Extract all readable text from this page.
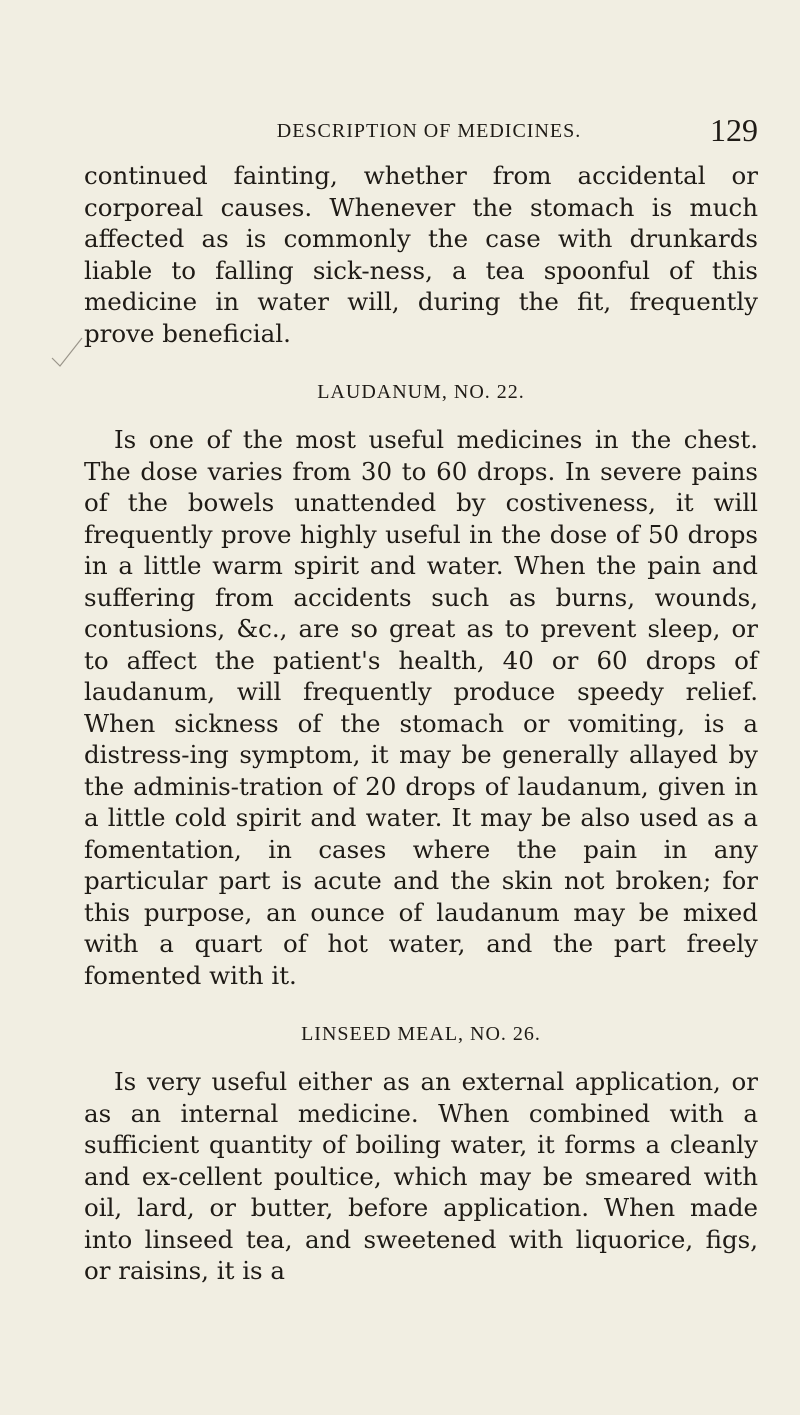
DESCRIPTION OF MEDICINES.	129

continued fainting, whether from accidental or corporeal causes. Whenever the stomach is much affected as is commonly the case with drunkards liable to falling sick-ness, a tea spoonful of this medicine in water will, during the fit, frequently prove beneficial.

LAUDANUM, NO. 22.

Is one of the most useful medicines in the chest. The dose varies from 30 to 60 drops. In severe pains of the bowels unattended by costiveness, it will frequently prove highly useful in the dose of 50 drops in a little warm spirit and water. When the pain and suffering from accidents such as burns, wounds, contusions, &c., are so great as to prevent sleep, or to affect the patient's health, 40 or 60 drops of laudanum, will frequently produce speedy relief. When sickness of the stomach or vomiting, is a distress-ing symptom, it may be generally allayed by the adminis-tration of 20 drops of laudanum, given in a little cold spirit and water. It may be also used as a fomentation, in cases where the pain in any particular part is acute and the skin not broken; for this purpose, an ounce of laudanum may be mixed with a quart of hot water, and the part freely fomented with it.

LINSEED MEAL, NO. 26.

Is very useful either as an external application, or as an internal medicine. When combined with a sufficient quantity of boiling water, it forms a cleanly and ex-cellent poultice, which may be smeared with oil, lard, or butter, before application. When made into linseed tea, and sweetened with liquorice, figs, or raisins, it is a
